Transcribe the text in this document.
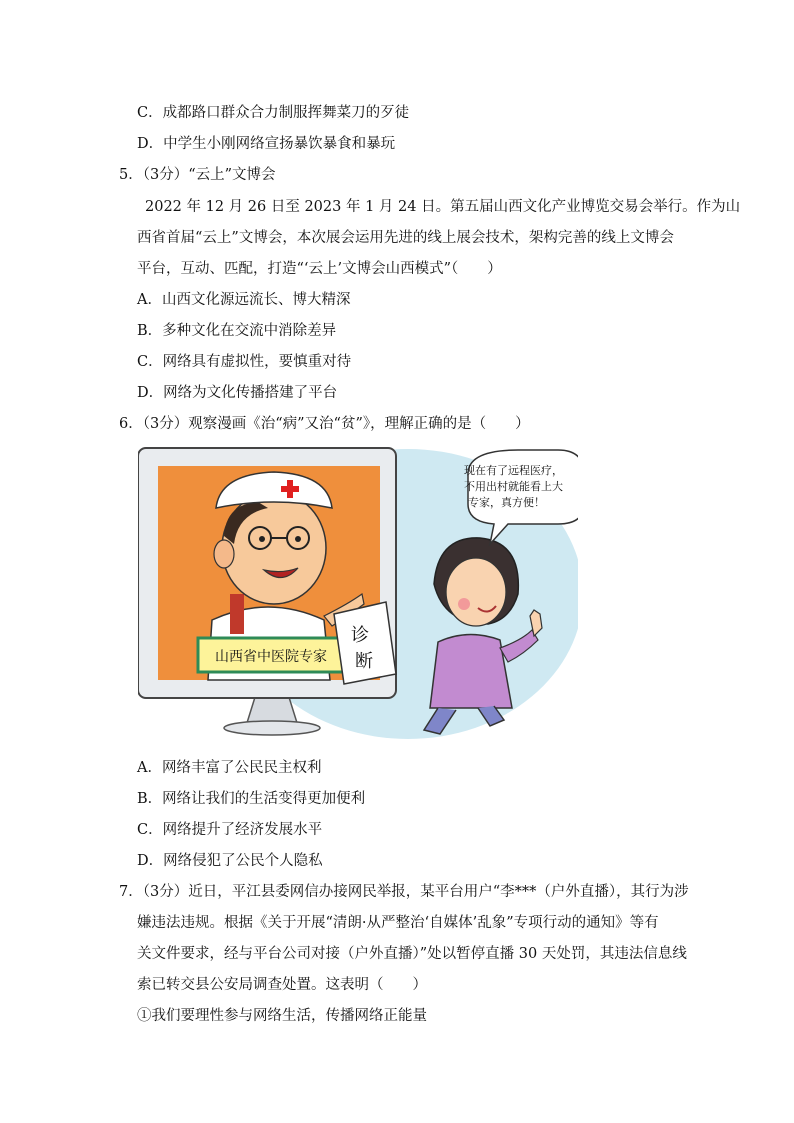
C．成都路口群众合力制服挥舞菜刀的歹徒
D．中学生小刚网络宣扬暴饮暴食和暴玩
5．（3分）“云上”文博会
2022 年 12 月 26 日至 2023 年 1 月 24 日。第五届山西文化产业博览交易会举行。作为山
西省首届“云上”文博会，本次展会运用先进的线上展会技术，架构完善的线上文博会
平台，互动、匹配，打造“‘云上’文博会山西模式”（　　）
A．山西文化源远流长、博大精深
B．多种文化在交流中消除差异
C．网络具有虚拟性，要慎重对待
D．网络为文化传播搭建了平台
6．（3分）观察漫画《治“病”又治“贫”》，理解正确的是（　　）
山西省中医院专家
诊
断
现在有了远程医疗，
不用出村就能看上大
专家，真方便！
A．网络丰富了公民民主权利
B．网络让我们的生活变得更加便利
C．网络提升了经济发展水平
D．网络侵犯了公民个人隐私
7．（3分）近日，平江县委网信办接网民举报，某平台用户“李***（户外直播），其行为涉
嫌违法违规。根据《关于开展“清朗·从严整治‘自媒体’乱象”专项行动的通知》等有
关文件要求，经与平台公司对接（户外直播）”处以暂停直播 30 天处罚，其违法信息线
索已转交县公安局调查处置。这表明（　　）
①我们要理性参与网络生活，传播网络正能量
